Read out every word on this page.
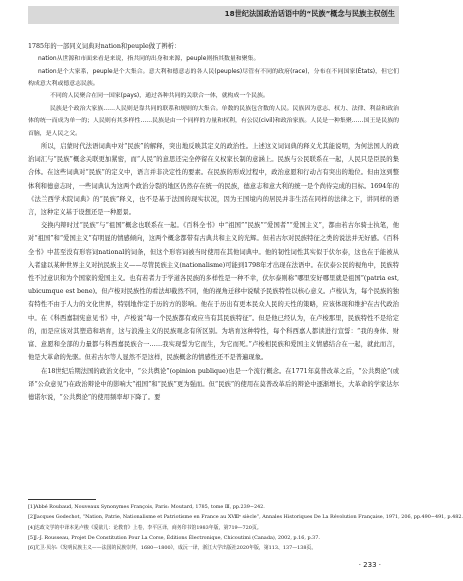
18世纪法国政治话语中的“民族”概念与民族主权创生

1785年的一部同义词典对nation和peuple做了辨析：

nation从世源和市面来看是来说，指共同的出身和来源，peuple则指其数量和聚集。

nation是个大家系，peuple是个大集合。意大利和德意志的各人民(peuples)尽管有不同的政府(race)，分布在不同国家(États)，但它们构成意大利或德意志民族。

不同的人民聚合在同一国家(pays)，通过各种共同的关联合一体，就构成一个民族。

民族是个政治大家族……人民则是靠共同的联系和规则的大集合。单数的民族包含数的人民。民族因为意志、权力、法律、利益和政治体的统一而成为单一的；人民则有其多样性……民族是由一个同样的力量和权利，有公民(civil)和政治家族。人民是一种集聚……国王是民族的首脑，是人民之父。

所以，启蒙时代法语词典中对“民族”的解释，突出地反映其定义的政治性。上述这义词词典的释义尤其能说明，为何法国人的政治词汇与“民族”概念关联更加紧密，而“人民”的意思还完全停留在义权家长制的意涵上。民族与公民联系在一起，人民只是臣民的集合体。在这些词典对“民族”的定义中，语言并非决定性的要素。在民族的形成过程中，政治意愿和行动占有突出的地位。但由这到整体利和德意志时，一些词典认为这两个政治分裂的地区仍然存在统一的民族，德意志和意大利的统一是个尚待完成的目标。1694年的《法兰西学术院词典》的“民族”释义，也不是基于法国的现实状况，因为王国境内的居民并非生活在同样的法律之下，讲同样的语言，这种定义基于设想还是一种愿景。

交换内辩时过“民族”与“祖国”概念也联系在一起。《百科全书》中“祖国”“民族”“爱国者”“爱国主义”，都由若古尔骑士执笔，他对“祖国”和“爱国主义”有明显的情感倾向，这两个概念都带有古典共和主义的光辉。但若古尔对民族特征之类的说法并无好感。《百科全书》中甚至没有形容词national的词条，但这个形容词被当时使用在其他词典中。他的韧性词性其实似于伏尔泰，这也在于能被从入者建以某种世界主义对抗民族主义——尽管民族主义(nationalisme)可能到1798年才出现在法语中。在伏泰公民的视角中，民族特性不过意识和为个国家的爱国主义。也有若者力于学道各民族的多样性是一种不幸，伏尔泰则称“哪里安好哪里就是祖国”(patria est, ubicumque est bene)。但卢梭对民族性的看法却截然不同，他的视角迁移中说赋予民族特性以核心意义。卢梭认为，每个民族的独有特性不由于人力的文化世界，特别地作定于历的方的影响。他在于历出有更本民众人民的天性的策略，应该体现和维护在古代政治中。在《科西嘉制宪意见书》中，卢梭说“每一个民族都有或应当有其民族特征”。但是他已经认为，在卢梭那里，民族特性不是给定的，而是应该对其塑造和培育，这与浪漫主义的民族观念有所区别。为培育这种特性，每个科西嘉人都读进行宣誓：“我的身体、财富、意愿和全部的力量都与科西嘉民族合一……我实现誓为它而生，为它而死。”卢梭相民族和爱国主义情感结合在一起，就此而言，他是大革命的先驱。但若古尔等人显然不是这样，民族概念的情感性还不是普遍现象。

在18世纪后期法国的政治文化中，“公共舆论”(opinion publique)也是一个流行概念。在1771年莫普改革之后，“公共舆论”(或译“公众意见”)在政治辩论中的影响大“祖国”和“民族”更为强而。但“民族”的使用在莫普改革后的辩论中逐渐增长，大革命的学家达尔德诺尔说，“公共舆论”的使用频率却下降了。要

[1]Abbé Roubaud, Nouveaux Synonymes François, Paris: Moutard, 1785, tome Ⅲ, pp.239−242.

[2]Jacques Godechot, “Nation, Patrie, Nationalisme et Patriotisme en France au ⅩⅧᵉ siècle”, Annales Historiques De La Révolution Française, 1971, 206, pp.490−491, p.482.

[4]达政文学的中译本见卢梭《爱欲儿：论教育》上卷，李平区译，商务印书馆1983年版，第719—720页。

[5]J.-J. Rousseau, Projet De Constitution Pour La Corse, Éditions Électronique, Chicoutimi (Canada), 2002, p.16, p.37.

[6]尤卫·贝尔:《发明民族主义——法国的民族崇拜，1680—1800》，成沅一译，浙江大学出版社2020年版，第113、137—138页。

· 233 ·
